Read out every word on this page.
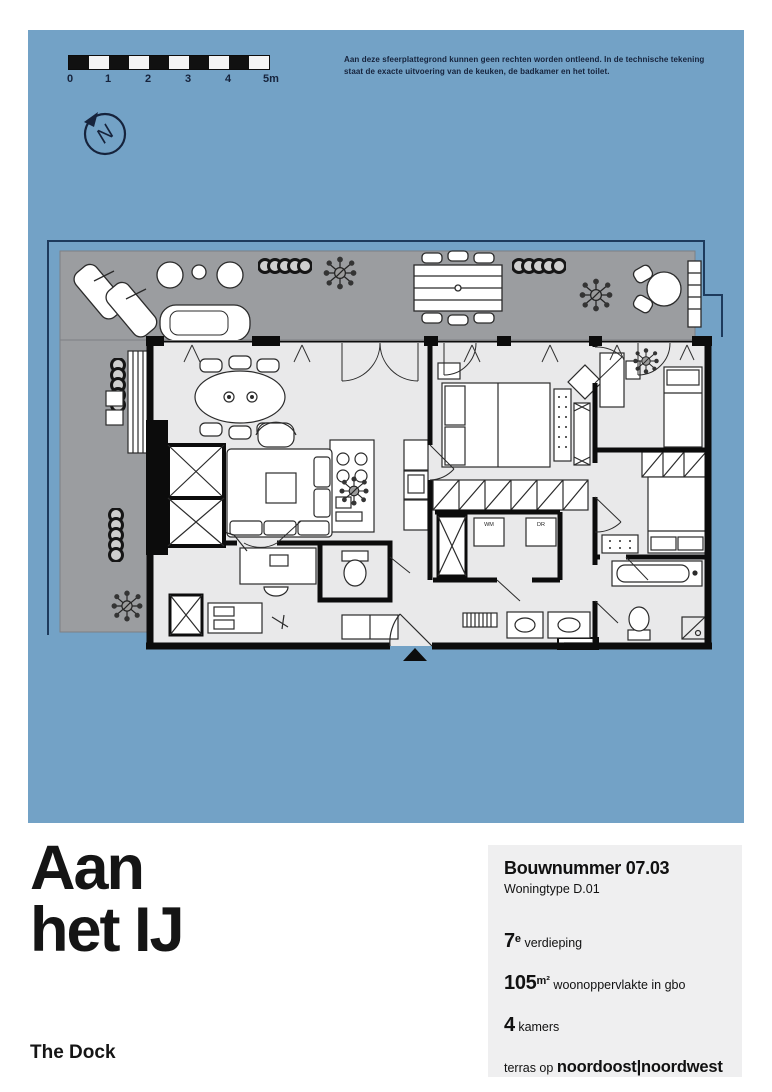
0	1	2	3	4	5m
N
Aan deze sfeerplattegrond kunnen geen rechten worden ontleend. In de technische tekening
staat de exacte uitvoering van de keuken, de badkamer en het toilet.
WM	DR
Aan
het IJ
The Dock
Bouwnummer 07.03
Woningtype D.01
7e verdieping
105m² woonoppervlakte in gbo
4 kamers
terras op noordoost|noordwest
